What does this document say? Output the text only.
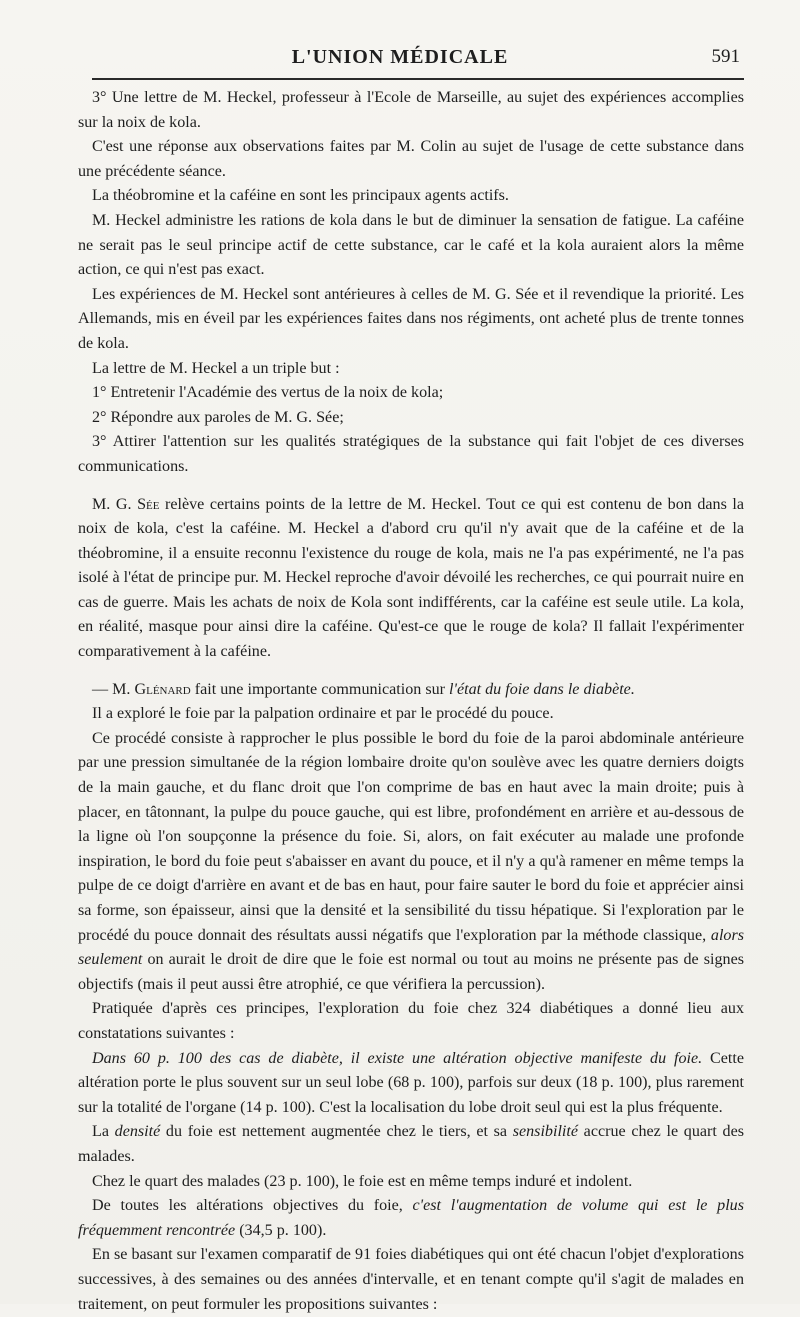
L'UNION MÉDICALE	591

3° Une lettre de M. Heckel, professeur à l'Ecole de Marseille, au sujet des expériences accomplies sur la noix de kola.

C'est une réponse aux observations faites par M. Colin au sujet de l'usage de cette substance dans une précédente séance.

La théobromine et la caféine en sont les principaux agents actifs.

M. Heckel administre les rations de kola dans le but de diminuer la sensation de fatigue. La caféine ne serait pas le seul principe actif de cette substance, car le café et la kola auraient alors la même action, ce qui n'est pas exact.

Les expériences de M. Heckel sont antérieures à celles de M. G. Sée et il revendique la priorité. Les Allemands, mis en éveil par les expériences faites dans nos régiments, ont acheté plus de trente tonnes de kola.

La lettre de M. Heckel a un triple but :

1° Entretenir l'Académie des vertus de la noix de kola;

2° Répondre aux paroles de M. G. Sée;

3° Attirer l'attention sur les qualités stratégiques de la substance qui fait l'objet de ces diverses communications.

M. G. Sée relève certains points de la lettre de M. Heckel. Tout ce qui est contenu de bon dans la noix de kola, c'est la caféine. M. Heckel a d'abord cru qu'il n'y avait que de la caféine et de la théobromine, il a ensuite reconnu l'existence du rouge de kola, mais ne l'a pas expérimenté, ne l'a pas isolé à l'état de principe pur. M. Heckel reproche d'avoir dévoilé les recherches, ce qui pourrait nuire en cas de guerre. Mais les achats de noix de Kola sont indifférents, car la caféine est seule utile. La kola, en réalité, masque pour ainsi dire la caféine. Qu'est-ce que le rouge de kola? Il fallait l'expérimenter comparativement à la caféine.

— M. Glénard fait une importante communication sur l'état du foie dans le diabète.

Il a exploré le foie par la palpation ordinaire et par le procédé du pouce.

Ce procédé consiste à rapprocher le plus possible le bord du foie de la paroi abdominale antérieure par une pression simultanée de la région lombaire droite qu'on soulève avec les quatre derniers doigts de la main gauche, et du flanc droit que l'on comprime de bas en haut avec la main droite; puis à placer, en tâtonnant, la pulpe du pouce gauche, qui est libre, profondément en arrière et au-dessous de la ligne où l'on soupçonne la présence du foie. Si, alors, on fait exécuter au malade une profonde inspiration, le bord du foie peut s'abaisser en avant du pouce, et il n'y a qu'à ramener en même temps la pulpe de ce doigt d'arrière en avant et de bas en haut, pour faire sauter le bord du foie et apprécier ainsi sa forme, son épaisseur, ainsi que la densité et la sensibilité du tissu hépatique. Si l'exploration par le procédé du pouce donnait des résultats aussi négatifs que l'exploration par la méthode classique, alors seulement on aurait le droit de dire que le foie est normal ou tout au moins ne présente pas de signes objectifs (mais il peut aussi être atrophié, ce que vérifiera la percussion).

Pratiquée d'après ces principes, l'exploration du foie chez 324 diabétiques a donné lieu aux constatations suivantes :

Dans 60 p. 100 des cas de diabète, il existe une altération objective manifeste du foie. Cette altération porte le plus souvent sur un seul lobe (68 p. 100), parfois sur deux (18 p. 100), plus rarement sur la totalité de l'organe (14 p. 100). C'est la localisation du lobe droit seul qui est la plus fréquente.

La densité du foie est nettement augmentée chez le tiers, et sa sensibilité accrue chez le quart des malades.

Chez le quart des malades (23 p. 100), le foie est en même temps induré et indolent.

De toutes les altérations objectives du foie, c'est l'augmentation de volume qui est le plus fréquemment rencontrée (34,5 p. 100).

En se basant sur l'examen comparatif de 91 foies diabétiques qui ont été chacun l'objet d'explorations successives, à des semaines ou des années d'intervalle, et en tenant compte qu'il s'agit de malades en traitement, on peut formuler les propositions suivantes :
